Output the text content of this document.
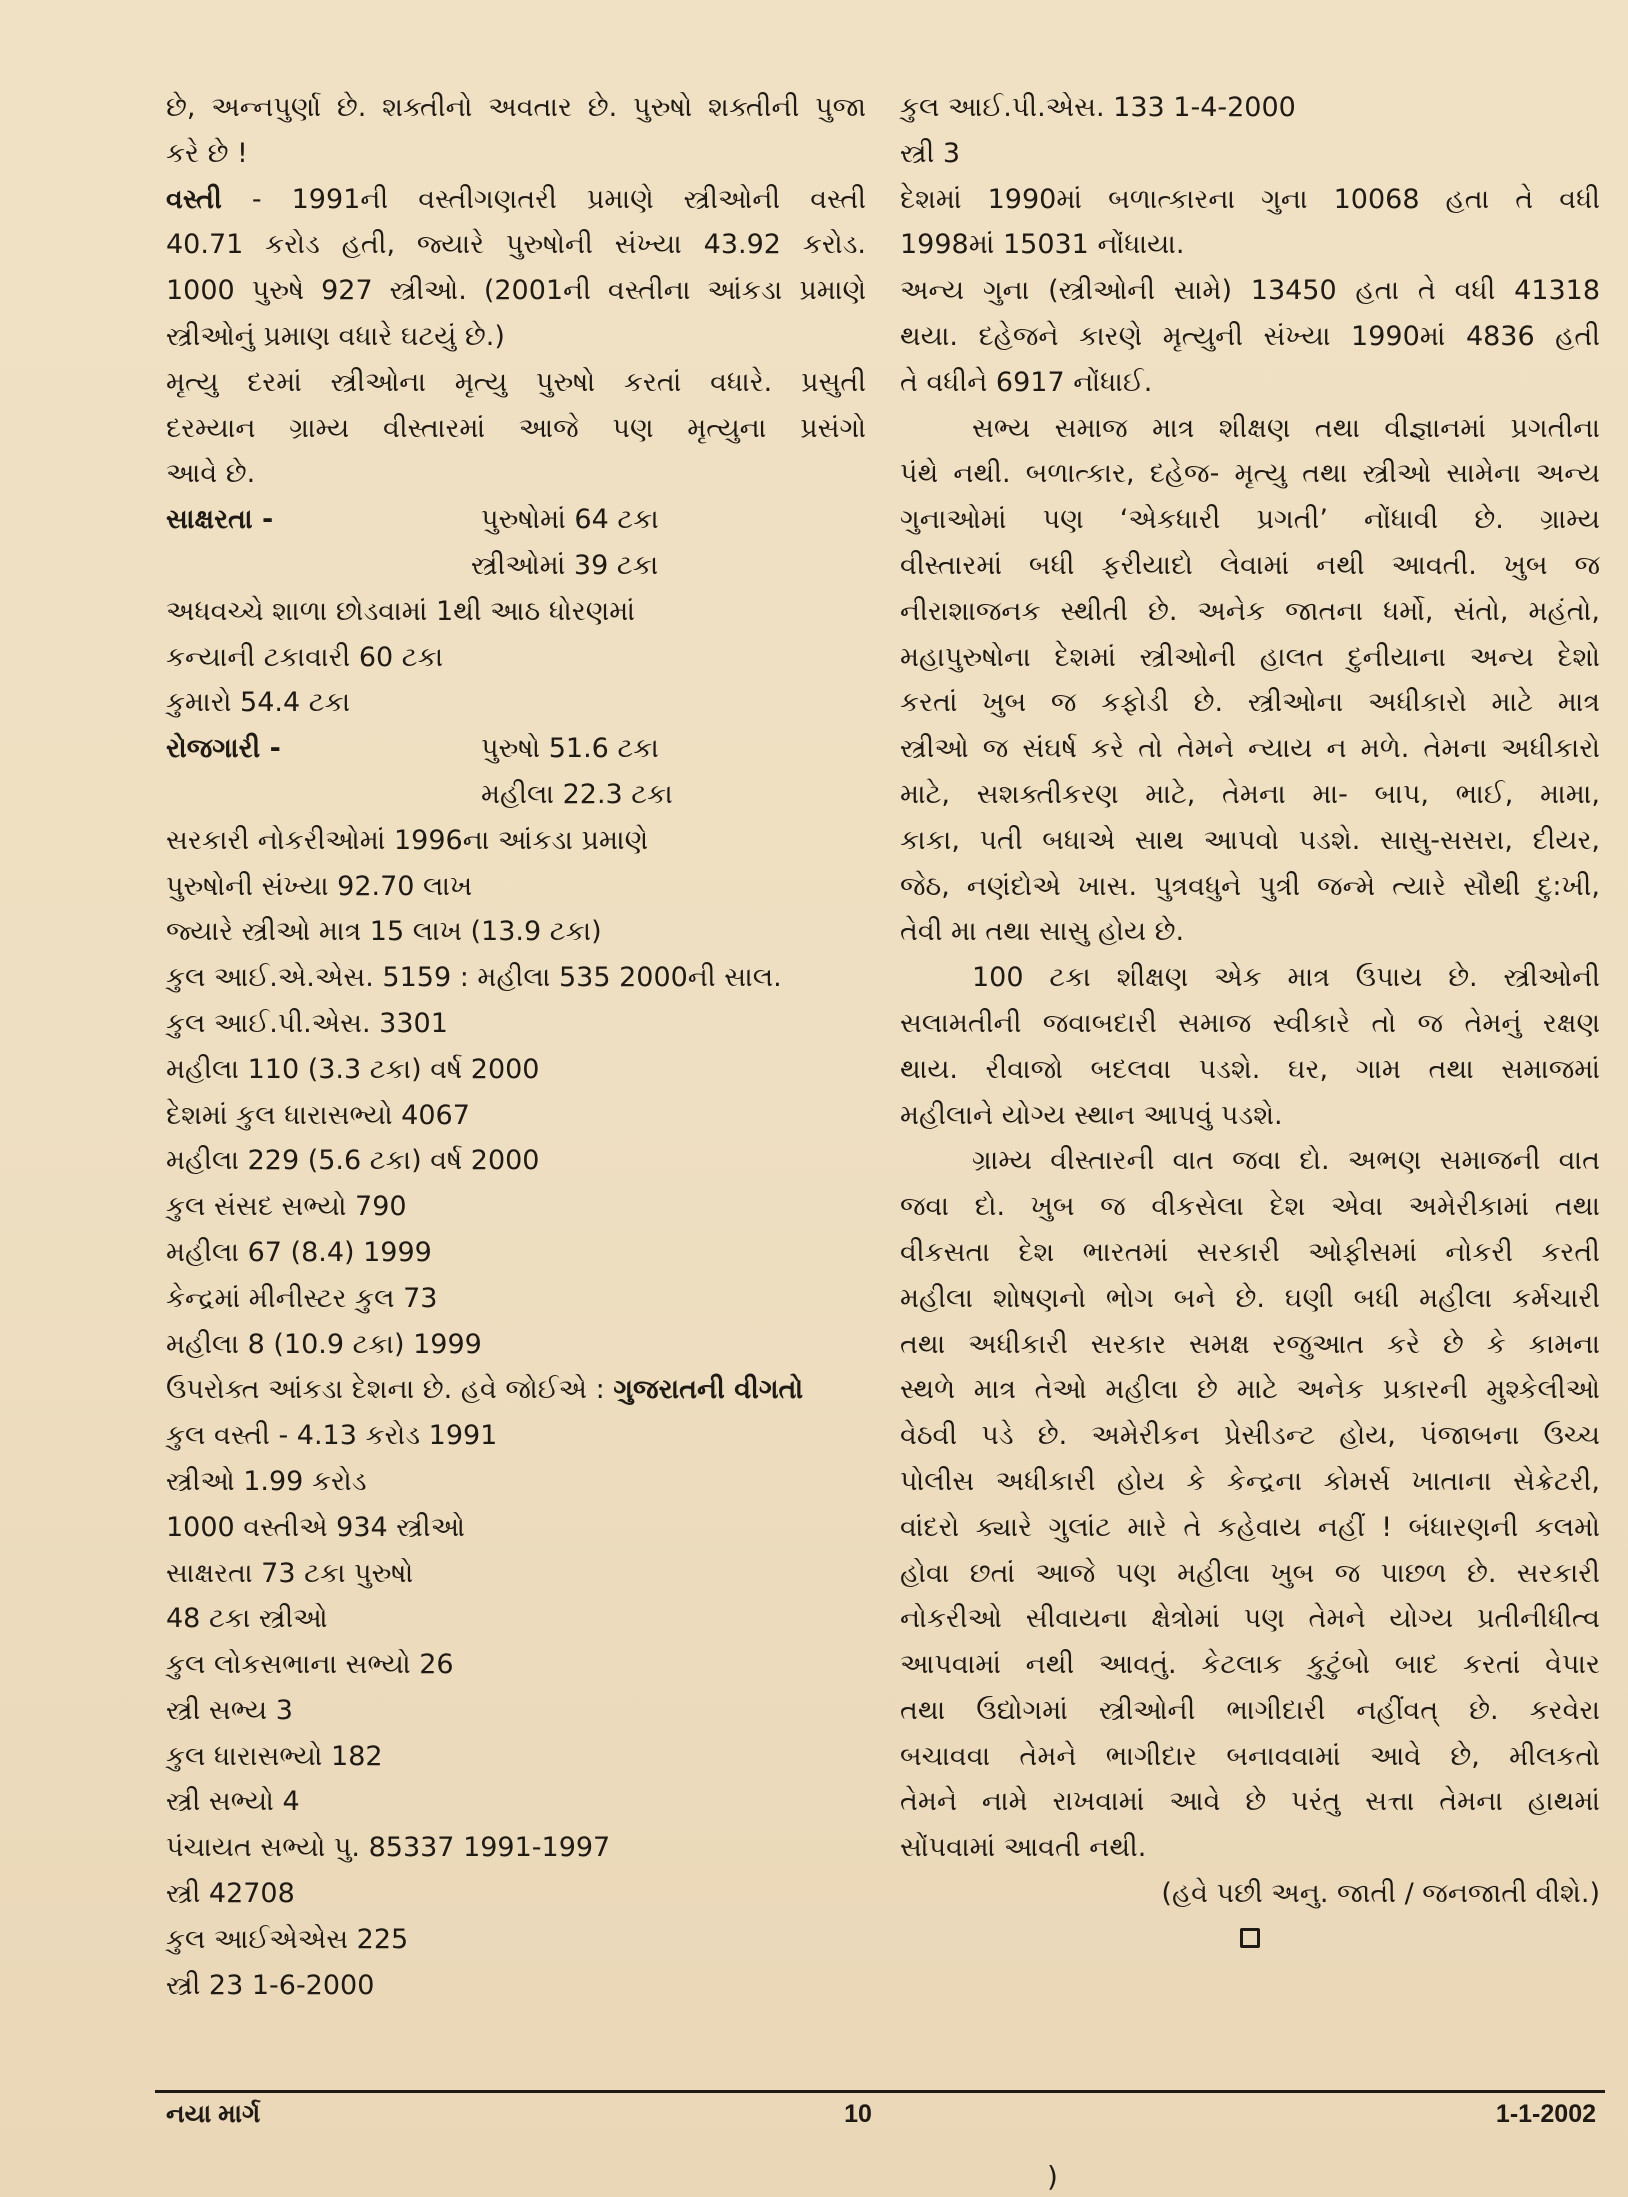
છે, અન્નપુર્ણા છે. શક્તીનો અવતાર છે. પુરુષો શક્તીની પુજા
કરે છે !
વસ્તી - 1991ની વસ્તીગણતરી પ્રમાણે સ્ત્રીઓની વસ્તી
40.71 કરોડ હતી, જ્યારે પુરુષોની સંખ્યા 43.92 કરોડ.
1000 પુરુષે 927 સ્ત્રીઓ. (2001ની વસ્તીના આંકડા પ્રમાણે
સ્ત્રીઓનું પ્રમાણ વધારે ઘટયું છે.)
મૃત્યુ દરમાં સ્ત્રીઓના મૃત્યુ પુરુષો કરતાં વધારે. પ્રસુતી
દરમ્યાન ગ્રામ્ય વીસ્તારમાં આજે પણ મૃત્યુના પ્રસંગો
આવે છે.
સાક્ષરતા -	પુરુષોમાં 64 ટકા
સ્ત્રીઓમાં 39 ટકા
અધવચ્ચે શાળા છોડવામાં 1થી આઠ ધોરણમાં
કન્યાની ટકાવારી 60 ટકા
કુમારો 54.4 ટકા
રોજગારી -	પુરુષો 51.6 ટકા
મહીલા 22.3 ટકા
સરકારી નોકરીઓમાં 1996ના આંકડા પ્રમાણે
પુરુષોની સંખ્યા 92.70 લાખ
જ્યારે સ્ત્રીઓ માત્ર 15 લાખ (13.9 ટકા)
કુલ આઈ.એ.એસ. 5159 : મહીલા 535 2000ની સાલ.
કુલ આઈ.પી.એસ. 3301
મહીલા 110 (3.3 ટકા) વર્ષ 2000
દેશમાં કુલ ધારાસભ્યો 4067
મહીલા 229 (5.6 ટકા) વર્ષ 2000
કુલ સંસદ સભ્યો 790
મહીલા 67 (8.4) 1999
કેન્દ્રમાં મીનીસ્ટર કુલ 73
મહીલા 8 (10.9 ટકા) 1999
ઉપરોક્ત આંકડા દેશના છે. હવે જોઈએ : ગુજરાતની વીગતો
કુલ વસ્તી - 4.13 કરોડ 1991
સ્ત્રીઓ 1.99 કરોડ
1000 વસ્તીએ 934 સ્ત્રીઓ
સાક્ષરતા 73 ટકા પુરુષો
48 ટકા સ્ત્રીઓ
કુલ લોકસભાના સભ્યો 26
સ્ત્રી સભ્ય 3
કુલ ધારાસભ્યો 182
સ્ત્રી સભ્યો 4
પંચાયત સભ્યો પુ. 85337 1991-1997
સ્ત્રી 42708
કુલ આઈએએસ 225
સ્ત્રી 23 1-6-2000
કુલ આઈ.પી.એસ. 133 1-4-2000
સ્ત્રી 3
દેશમાં 1990માં બળાત્કારના ગુના 10068 હતા તે વધી
1998માં 15031 નોંધાયા.
અન્ય ગુના (સ્ત્રીઓની સામે) 13450 હતા તે વધી 41318
થયા. દહેજને કારણે મૃત્યુની સંખ્યા 1990માં 4836 હતી
તે વધીને 6917 નોંધાઈ.
સભ્ય સમાજ માત્ર શીક્ષણ તથા વીજ્ઞાનમાં પ્રગતીના
પંથે નથી. બળાત્કાર, દહેજ- મૃત્યુ તથા સ્ત્રીઓ સામેના અન્ય
ગુનાઓમાં પણ ‘એકધારી પ્રગતી’ નોંધાવી છે. ગ્રામ્ય
વીસ્તારમાં બધી ફરીયાદો લેવામાં નથી આવતી. ખુબ જ
નીરાશાજનક સ્થીતી છે. અનેક જાતના ધર્મો, સંતો, મહંતો,
મહાપુરુષોના દેશમાં સ્ત્રીઓની હાલત દુનીયાના અન્ય દેશો
કરતાં ખુબ જ કફોડી છે. સ્ત્રીઓના અધીકારો માટે માત્ર
સ્ત્રીઓ જ સંઘર્ષ કરે તો તેમને ન્યાય ન મળે. તેમના અધીકારો
માટે, સશક્તીકરણ માટે, તેમના મા- બાપ, ભાઈ, મામા,
કાકા, પતી બધાએ સાથ આપવો પડશે. સાસુ-સસરા, દીયર,
જેઠ, નણંદોએ ખાસ. પુત્રવધુને પુત્રી જન્મે ત્યારે સૌથી દુ:ખી,
તેવી મા તથા સાસુ હોય છે.
100 ટકા શીક્ષણ એક માત્ર ઉપાય છે. સ્ત્રીઓની
સલામતીની જવાબદારી સમાજ સ્વીકારે તો જ તેમનું રક્ષણ
થાય. રીવાજો બદલવા પડશે. ઘર, ગામ તથા સમાજમાં
મહીલાને યોગ્ય સ્થાન આપવું પડશે.
ગ્રામ્ય વીસ્તારની વાત જવા દો. અભણ સમાજની વાત
જવા દો. ખુબ જ વીકસેલા દેશ એવા અમેરીકામાં તથા
વીકસતા દેશ ભારતમાં સરકારી ઓફીસમાં નોકરી કરતી
મહીલા શોષણનો ભોગ બને છે. ઘણી બધી મહીલા કર્મચારી
તથા અધીકારી સરકાર સમક્ષ રજુઆત કરે છે કે કામના
સ્થળે માત્ર તેઓ મહીલા છે માટે અનેક પ્રકારની મુશ્કેલીઓ
વેઠવી પડે છે. અમેરીકન પ્રેસીડન્ટ હોય, પંજાબના ઉચ્ચ
પોલીસ અધીકારી હોય કે કેન્દ્રના કોમર્સ ખાતાના સેક્રેટરી,
વાંદરો ક્યારે ગુલાંટ મારે તે કહેવાય નહીં ! બંધારણની કલમો
હોવા છતાં આજે પણ મહીલા ખુબ જ પાછળ છે. સરકારી
નોકરીઓ સીવાયના ક્ષેત્રોમાં પણ તેમને યોગ્ય પ્રતીનીધીત્વ
આપવામાં નથી આવતું. કેટલાક કુટુંબો બાદ કરતાં વેપાર
તથા ઉદ્યોગમાં સ્ત્રીઓની ભાગીદારી નહીંવત્ છે. કરવેરા
બચાવવા તેમને ભાગીદાર બનાવવામાં આવે છે, મીલકતો
તેમને નામે રાખવામાં આવે છે પરંતુ સત્તા તેમના હાથમાં
સોંપવામાં આવતી નથી.
(હવે પછી અનુ. જાતી / જનજાતી વીશે.)
નયા માર્ગ	10	1-1-2002
)
